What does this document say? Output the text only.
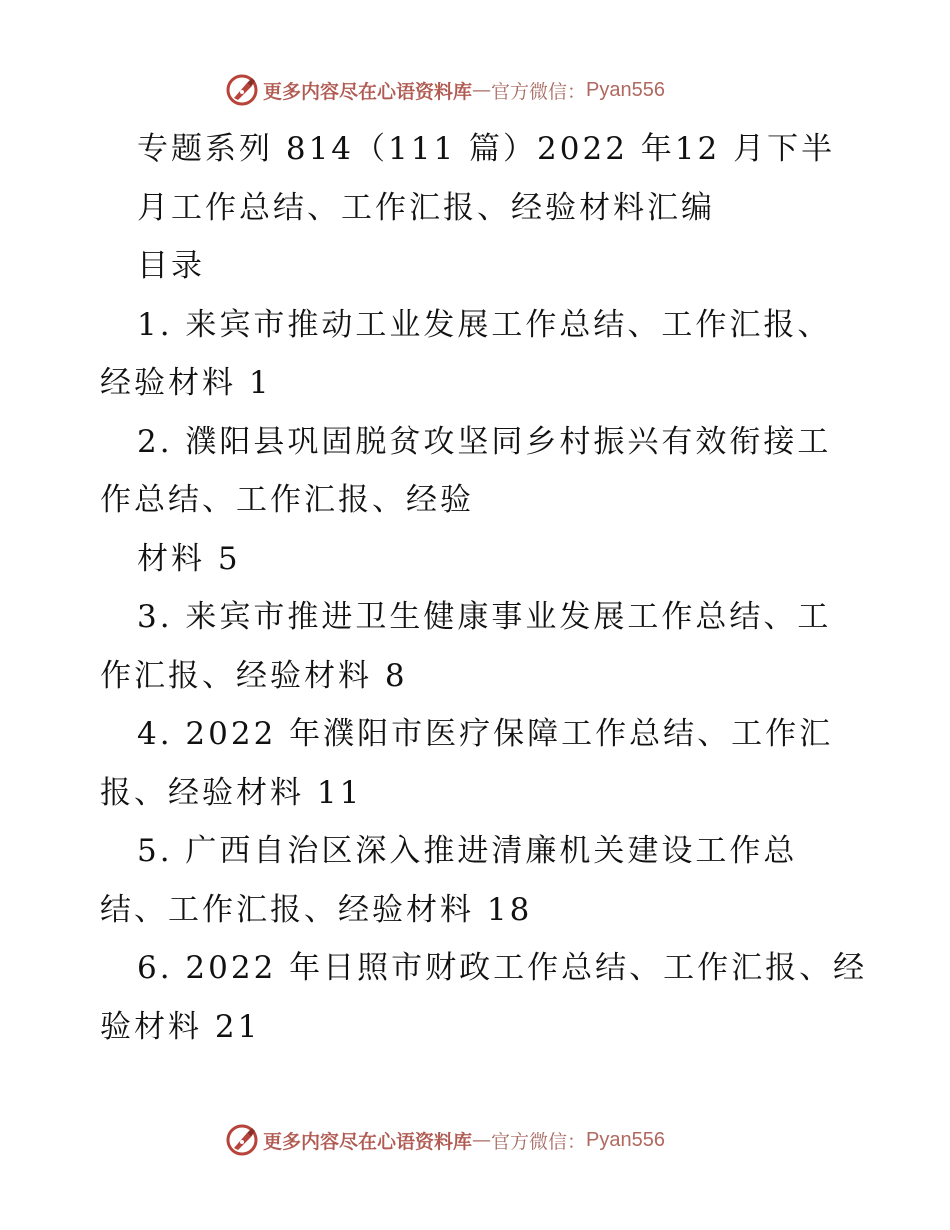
更多内容尽在心语资料库 — 官方微信： Pyan556
专题系列 814（111 篇）2022 年12 月下半
月工作总结、工作汇报、经验材料汇编
目录
1. 来宾市推动工业发展工作总结、工作汇报、
经验材料 1
2. 濮阳县巩固脱贫攻坚同乡村振兴有效衔接工
作总结、工作汇报、经验
材料 5
3. 来宾市推进卫生健康事业发展工作总结、工
作汇报、经验材料 8
4. 2022 年濮阳市医疗保障工作总结、工作汇
报、经验材料 11
5. 广西自治区深入推进清廉机关建设工作总
结、工作汇报、经验材料 18
6. 2022 年日照市财政工作总结、工作汇报、经
验材料 21
更多内容尽在心语资料库 — 官方微信： Pyan556
